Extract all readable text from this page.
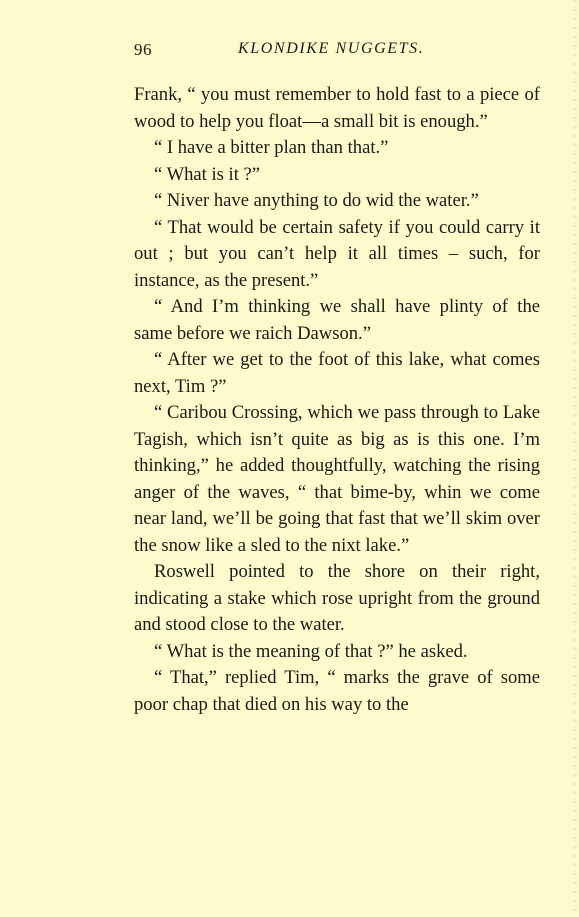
96	KLONDIKE NUGGETS.

Frank, “ you must remember to hold fast to a piece of wood to help you float—a small bit is enough.”

“ I have a bitter plan than that.”

“ What is it ?”

“ Niver have anything to do wid the water.”

“ That would be certain safety if you could carry it out ; but you can’t help it all times – such, for instance, as the present.”

“ And I’m thinking we shall have plinty of the same before we raich Dawson.”

“ After we get to the foot of this lake, what comes next, Tim ?”

“ Caribou Crossing, which we pass through to Lake Tagish, which isn’t quite as big as is this one. I’m thinking,” he added thoughtfully, watching the rising anger of the waves, “ that bime-by, whin we come near land, we’ll be going that fast that we’ll skim over the snow like a sled to the nixt lake.”

Roswell pointed to the shore on their right, indicating a stake which rose upright from the ground and stood close to the water.

“ What is the meaning of that ?” he asked.

“ That,” replied Tim, “ marks the grave of some poor chap that died on his way to the
